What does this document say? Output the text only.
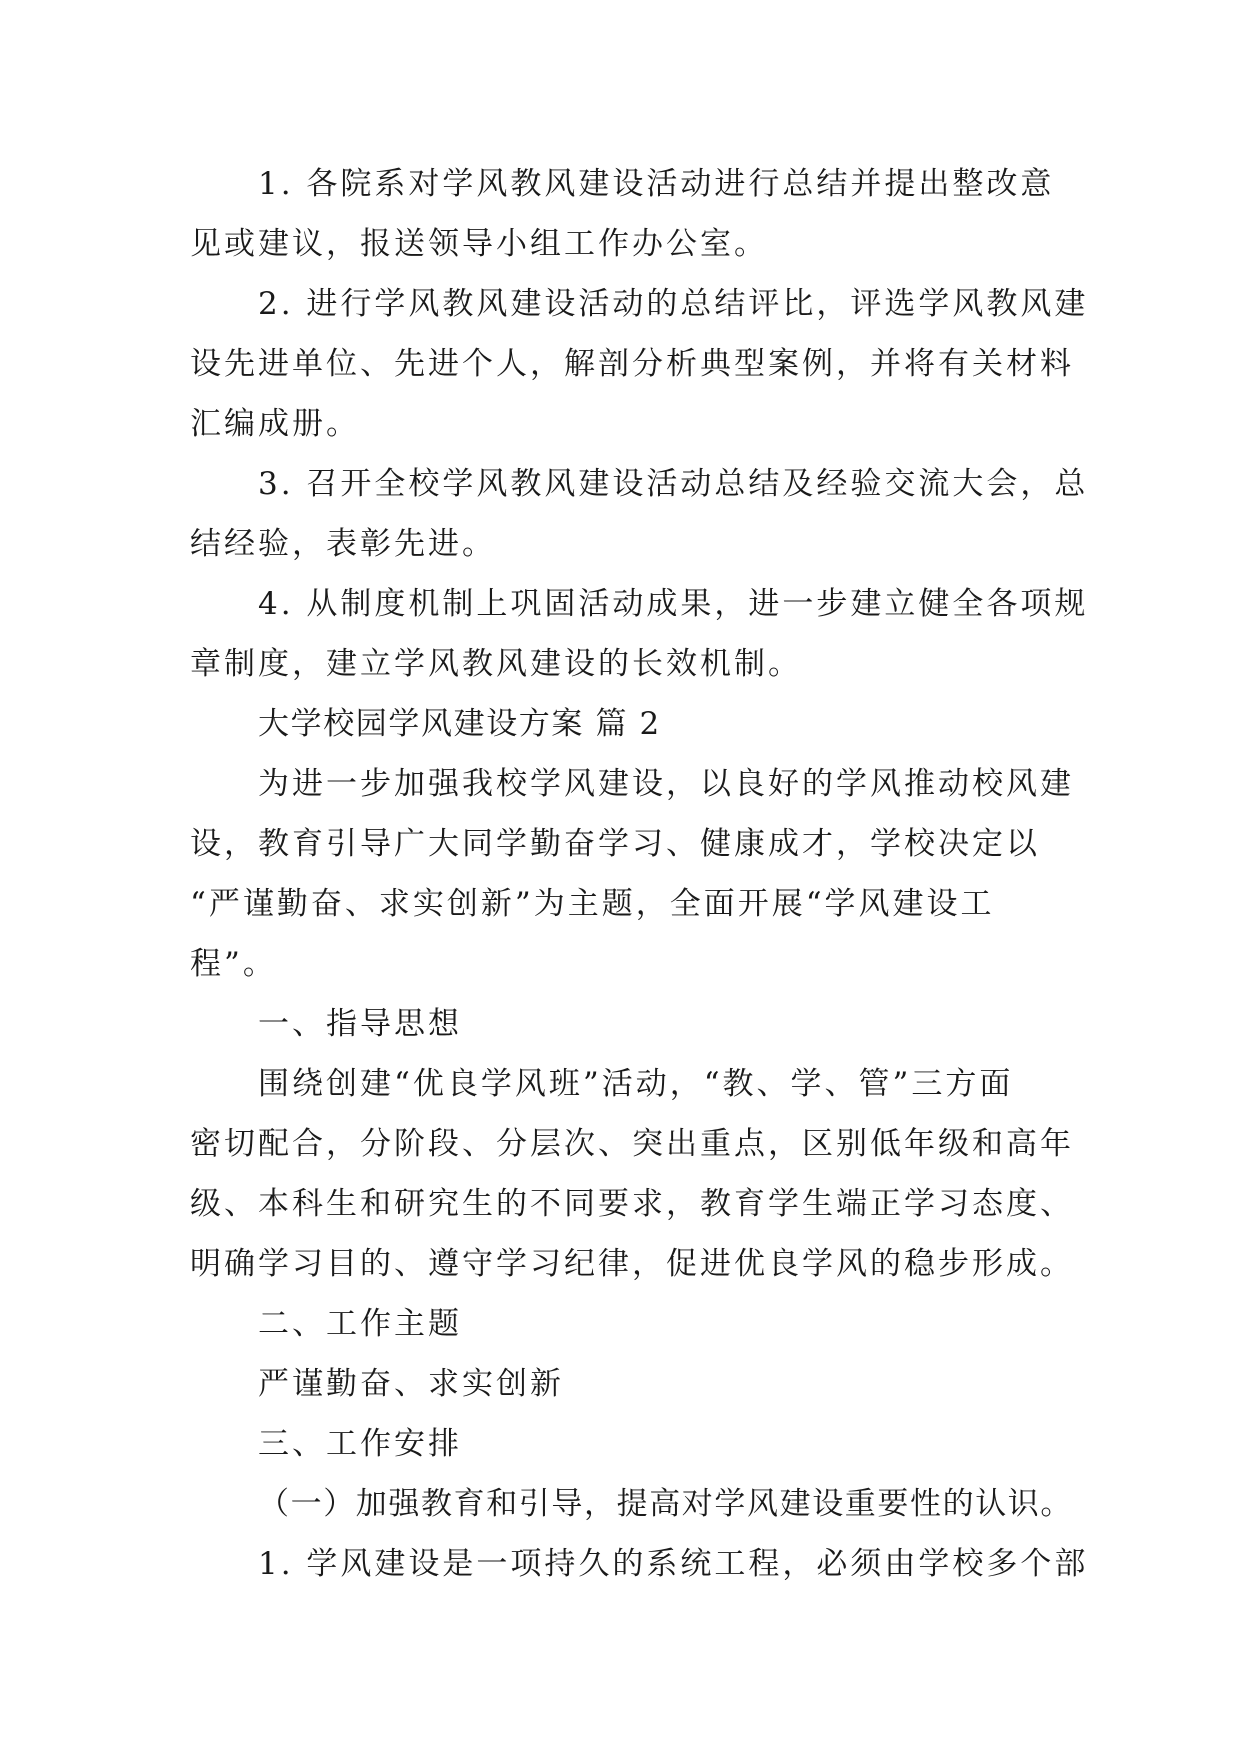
1. 各院系对学风教风建设活动进行总结并提出整改意

见或建议，报送领导小组工作办公室。

2. 进行学风教风建设活动的总结评比，评选学风教风建

设先进单位、先进个人，解剖分析典型案例，并将有关材料

汇编成册。

3. 召开全校学风教风建设活动总结及经验交流大会，总

结经验，表彰先进。

4. 从制度机制上巩固活动成果，进一步建立健全各项规

章制度，建立学风教风建设的长效机制。

大学校园学风建设方案 篇 2

为进一步加强我校学风建设，以良好的学风推动校风建

设，教育引导广大同学勤奋学习、健康成才，学校决定以

“严谨勤奋、求实创新”为主题，全面开展“学风建设工

程”。

一、指导思想

围绕创建“优良学风班”活动，“教、学、管”三方面

密切配合，分阶段、分层次、突出重点，区别低年级和高年

级、本科生和研究生的不同要求，教育学生端正学习态度、

明确学习目的、遵守学习纪律，促进优良学风的稳步形成。

二、工作主题

严谨勤奋、求实创新

三、工作安排

（一）加强教育和引导，提高对学风建设重要性的认识。

1. 学风建设是一项持久的系统工程，必须由学校多个部
